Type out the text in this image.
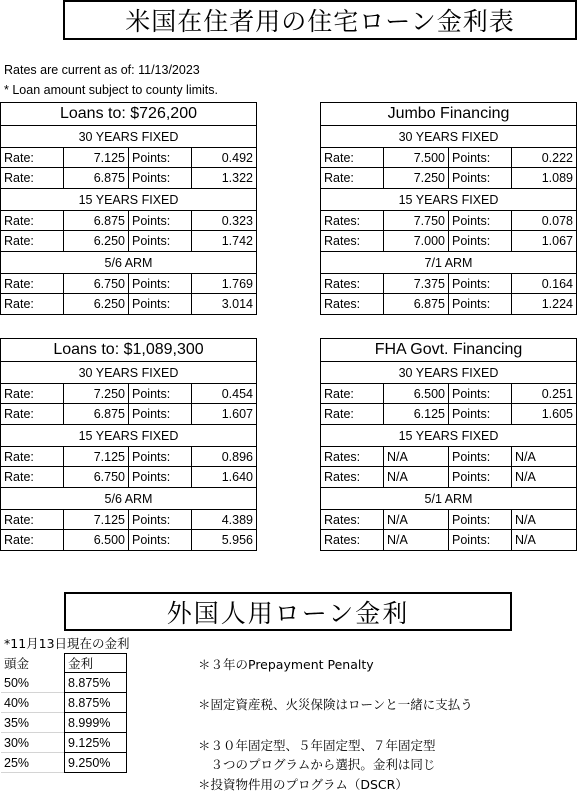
米国在住者用の住宅ローン金利表
Rates are current as of: 11/13/2023
* Loan amount subject to county limits.
Loans to: $726,200
30 YEARS FIXED
Rate:	7.125 Points:	0.492
Rate:	6.875 Points:	1.322
15 YEARS FIXED
Rate:	6.875 Points:	0.323
Rate:	6.250 Points:	1.742
5/6 ARM
Rate:	6.750 Points:	1.769
Rate:	6.250 Points:	3.014
Jumbo Financing
30 YEARS FIXED
Rate:	7.500 Points:	0.222
Rate:	7.250 Points:	1.089
15 YEARS FIXED
Rates:	7.750 Points:	0.078
Rates:	7.000 Points:	1.067
7/1 ARM
Rates:	7.375 Points:	0.164
Rates:	6.875 Points:	1.224
Loans to: $1,089,300
30 YEARS FIXED
Rate:	7.250 Points:	0.454
Rate:	6.875 Points:	1.607
15 YEARS FIXED
Rate:	7.125 Points:	0.896
Rate:	6.750 Points:	1.640
5/6 ARM
Rate:	7.125 Points:	4.389
Rate:	6.500 Points:	5.956
FHA Govt. Financing
30 YEARS FIXED
Rate:	6.500 Points:	0.251
Rate:	6.125 Points:	1.605
15 YEARS FIXED
Rates:	N/A	Points:	N/A
Rates:	N/A	Points:	N/A
5/1 ARM
Rates:	N/A	Points:	N/A
Rates:	N/A	Points:	N/A
外国人用ローン金利
*11月13日現在の金利
頭金	金利
50%	8.875%
40%	8.875%
35%	8.999%
30%	9.125%
25%	9.250%
＊３年のPrepayment Penalty
＊固定資産税、火災保険はローンと一緒に支払う
＊３０年固定型、５年固定型、７年固定型
　３つのプログラムから選択。金利は同じ
＊投資物件用のプログラム（DSCR）
